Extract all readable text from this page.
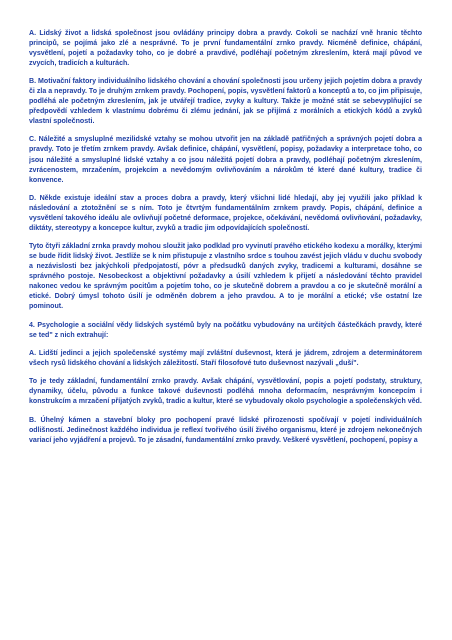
A. Lidský život a lidská společnost jsou ovládány principy dobra a pravdy. Cokoli se nachází vně hranic těchto principů, se pojímá jako zlé a nesprávné. To je první fundamentální zrnko pravdy. Nicméně definice, chápání, vysvětlení, pojetí a požadavky toho, co je dobré a pravdivé, podléhají početným zkreslením, která mají původ ve zvycích, tradicích a kulturách.

B. Motivační faktory individuálního lidského chování a chování společnosti jsou určeny jejich pojetím dobra a pravdy či zla a nepravdy. To je druhým zrnkem pravdy. Pochopení, popis, vysvětlení faktorů a konceptů a to, co jim připisuje, podléhá ale početným zkreslením, jak je utvářejí tradice, zvyky a kultury. Takže je možné stát se sebevyplňující se předpovědí vzhledem k vlastnímu dobrému či zlému jednání, jak se přijímá z morálních a etických kódů a zvyků vlastní společnosti.

C. Náležité a smysluplné mezilidské vztahy se mohou utvořit jen na základě patřičných a správných pojetí dobra a pravdy. Toto je třetím zrnkem pravdy. Avšak definice, chápání, vysvětlení, popisy, požadavky a interpretace toho, co jsou náležité a smysluplné lidské vztahy a co jsou náležitá pojetí dobra a pravdy, podléhají početným zkreslením, zvrácenostem, mrzačením, projekcím a nevědomým ovlivňováním a nárokům té které dané kultury, tradice či konvence.

D. Někde existuje ideální stav a proces dobra a pravdy, který všichni lidé hledají, aby jej využili jako příklad k následování a ztotožnění se s ním. Toto je čtvrtým fundamentálním zrnkem pravdy. Popis, chápání, definice a vysvětlení takového ideálu ale ovlivňují početné deformace, projekce, očekávání, nevědomá ovlivňování, požadavky, diktáty, stereotypy a koncepce kultur, zvyků a tradic jim odpovídajících společností.

Tyto čtyři základní zrnka pravdy mohou sloužit jako podklad pro vyvinutí pravého etického kodexu a morálky, kterými se bude řídit lidský život. Jestliže se k nim přistupuje z vlastního srdce s touhou zavést jejich vládu v duchu svobody a nezávislosti bez jakýchkoli předpojatostí, póvr a předsudků daných zvyky, tradicemi a kulturami, dosáhne se správného postoje. Nesobeckost a objektivní požadavky a úsilí vzhledem k přijetí a následování těchto pravidel nakonec vedou ke správným pocitům a pojetím toho, co je skutečně dobrem a pravdou a co je skutečně morální a etické. Dobrý úmysl tohoto úsilí je odměněn dobrem a jeho pravdou. A to je morální a etické; vše ostatní lze pominout.

4. Psychologie a sociální vědy lidských systémů byly na počátku vybudovány na určitých částečkách pravdy, které se ted" z nich extrahují:

A. Lidští jedinci a jejich společenské systémy mají zvláštní duševnost, která je jádrem, zdrojem a determinátorem všech rysů lidského chování a lidských záležitostí. Staří filosofové tuto duševnost nazývali „duší".

To je tedy základní, fundamentální zrnko pravdy. Avšak chápání, vysvětlování, popis a pojetí podstaty, struktury, dynamiky, účelu, původu a funkce takové duševnosti podléhá mnoha deformacím, nesprávným koncepcím i konstrukcím a mrzačení příjatých zvyků, tradic a kultur, které se vybudovaly okolo psychologie a společenských věd.

B. Úhelný kámen a stavební bloky pro pochopení pravé lidské přirozenosti spočívají v pojetí individuálních odlišností. Jedinečnost každého individua je reflexí tvořivého úsilí živého organismu, které je zdrojem nekonečných variací jeho vyjádření a projevů. To je zásadní, fundamentální zrnko pravdy. Veškeré vysvětlení, pochopení, popisy a
